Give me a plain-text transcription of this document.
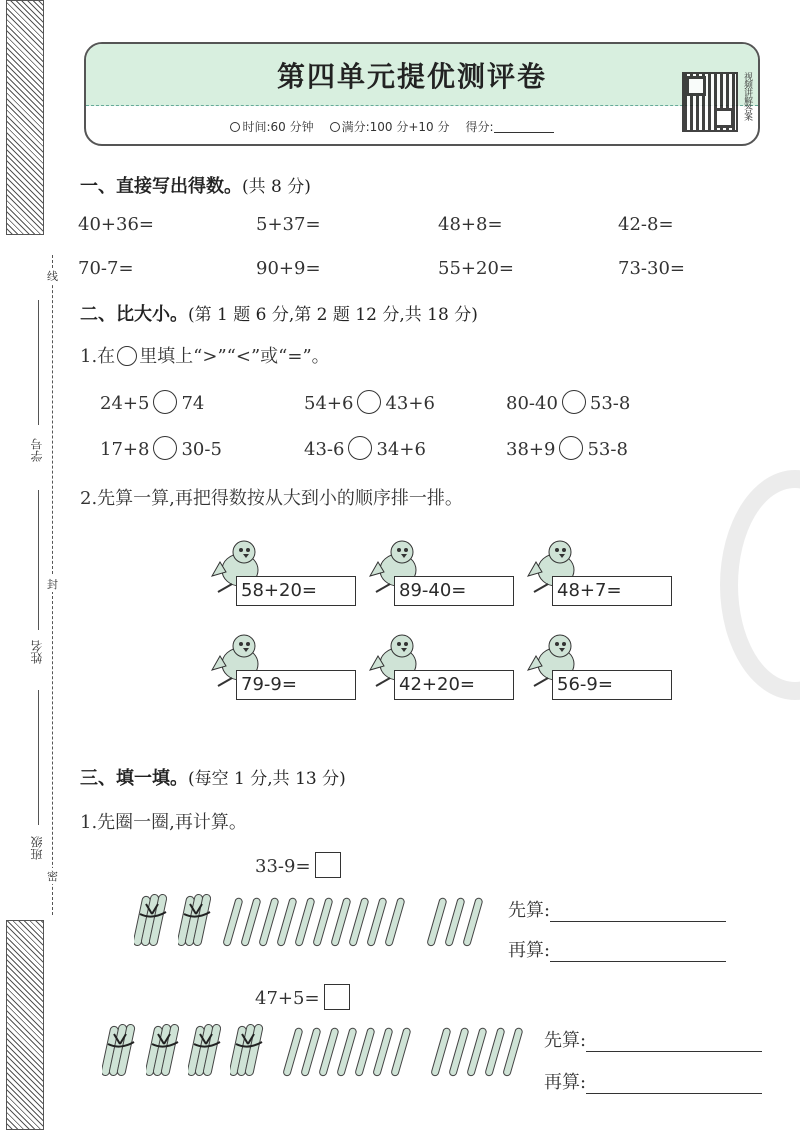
线
封
密
学号
姓名
班级
第四单元提优测评卷
时间:60 分钟	满分:100 分+10 分 得分:
视频讲解答案
一、直接写出得数。(共 8 分)
40+36=	5+37=	48+8=	42-8=
70-7=	90+9=	55+20=	73-30=
二、比大小。(第 1 题 6 分,第 2 题 12 分,共 18 分)
1.在 里填上“>”“<”或“=”。
24+5 74	54+6 43+6	80-40 53-8
17+8 30-5	43-6 34+6	38+9 53-8
2.先算一算,再把得数按从大到小的顺序排一排。
58+20=	89-40=	48+7=
79-9=	42+20=	56-9=
三、填一填。(每空 1 分,共 13 分)
1.先圈一圈,再计算。
33-9=
先算:
再算:
47+5=
先算:
再算:
